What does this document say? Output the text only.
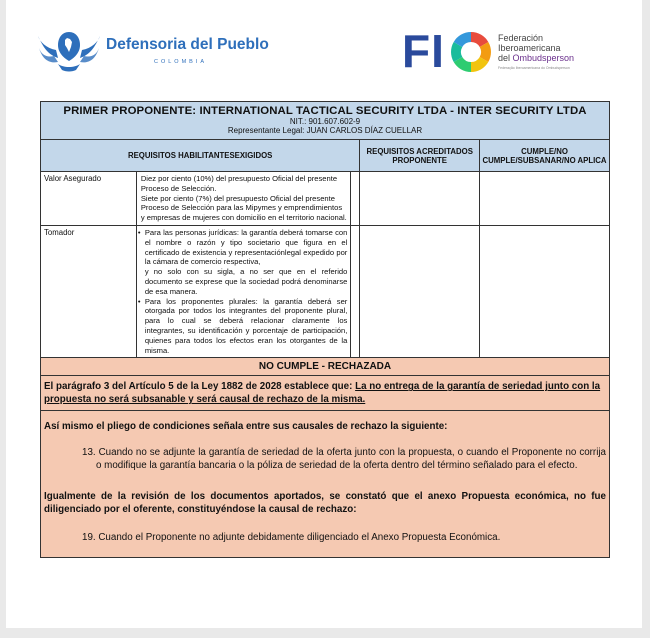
Defensoria del Pueblo
COLOMBIA	FI	Federación
Iberoamericana
del Ombudsperson
Federação Iberoamericana do Ombudsperson
PRIMER PROPONENTE: INTERNATIONAL TACTICAL SECURITY LTDA - INTER SECURITY LTDA
NIT.: 901.607.602-9
Representante Legal: JUAN CARLOS DÍAZ CUELLAR				

REQUISITOS HABILITANTESEXIGIDOS			REQUISITOS ACREDITADOS PROPONENTE	CUMPLE/NO CUMPLE/SUBSANAR/NO APLICA
Valor Asegurado	Diez por ciento (10%) del presupuesto Oficial del presente Proceso de Selección.

Siete por ciento (7%) del presupuesto Oficial del presente Proceso de Selección para las Mipymes y emprendimientos y empresas de mujeres con domicilio en el territorio nacional.			

Tomador	• Para las personas jurídicas: la garantía deberá tomarse con el nombre o razón y tipo societario que figura en el certificado de existencia y representaciónlegal expedido por la cámara de comercio respectiva,
y no solo con su sigla, a no ser que en el referido documento se exprese que la sociedad podrá denominarse de esa manera.
• Para los proponentes plurales: la garantía deberá ser otorgada por todos los integrantes del proponente plural, para lo cual se deberá relacionar claramente los integrantes, su identificación y porcentaje de participación, quienes para todos los efectos eran los otorgantes de la misma.			

NO CUMPLE - RECHAZADA				
El parágrafo 3 del Artículo 5 de la Ley 1882 de 2028 establece que: La no entrega de la garantía de seriedad junto con la propuesta no será subsanable y será causal de rechazo de la misma.				

Así mismo el pliego de condiciones señala entre sus causales de rechazo la siguiente:
13. Cuando no se adjunte la garantía de seriedad de la oferta junto con la propuesta, o cuando el Proponente no corrija o modifique la garantía bancaria o la póliza de seriedad de la oferta dentro del término señalado para el efecto.
Igualmente de la revisión de los documentos aportados, se constató que el anexo Propuesta económica, no fue diligenciado por el oferente, constituyéndose la causal de rechazo:
19. Cuando el Proponente no adjunte debidamente diligenciado el Anexo Propuesta Económica.				
